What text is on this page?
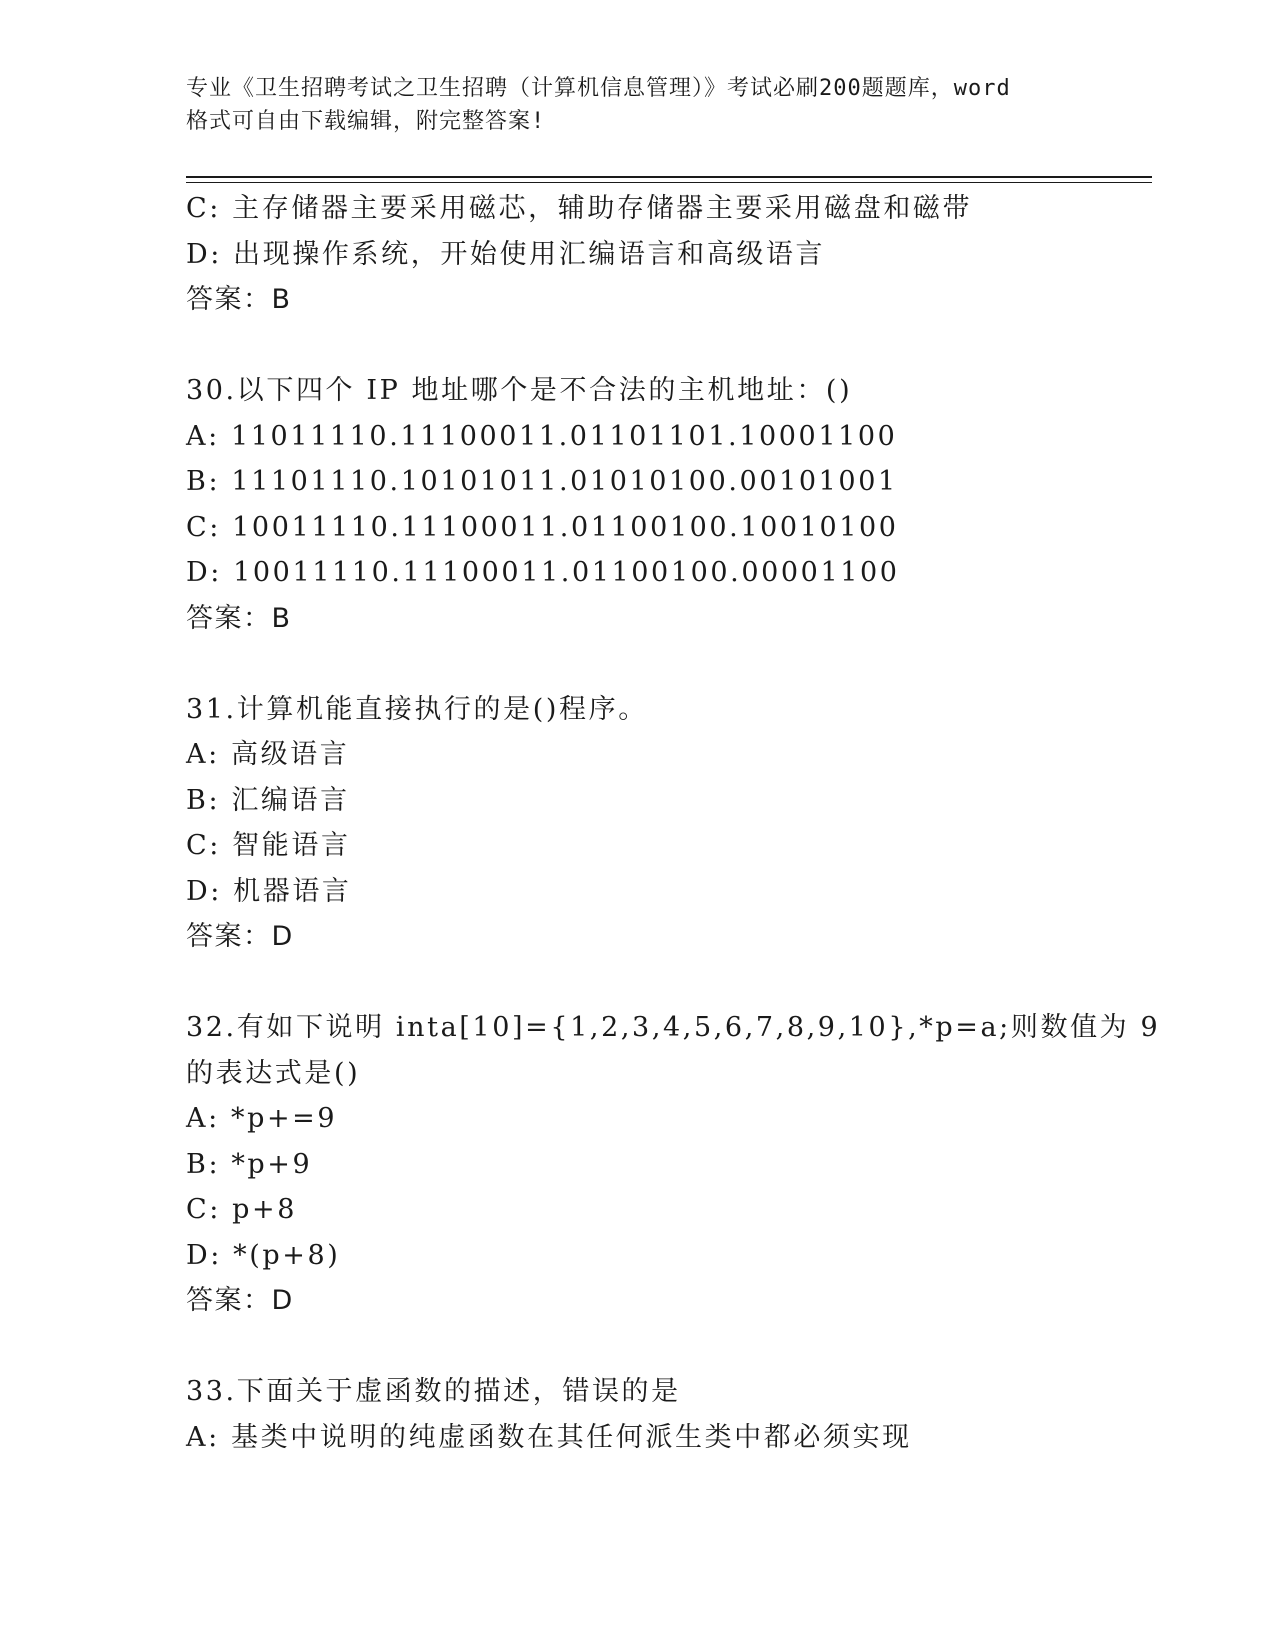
专业《卫生招聘考试之卫生招聘（计算机信息管理）》考试必刷200题题库，word
格式可自由下载编辑，附完整答案!
C: 主存储器主要采用磁芯，辅助存储器主要采用磁盘和磁带
D: 出现操作系统，开始使用汇编语言和高级语言
答案：B
30.以下四个 IP 地址哪个是不合法的主机地址：()
A: 11011110.11100011.01101101.10001100
B: 11101110.10101011.01010100.00101001
C: 10011110.11100011.01100100.10010100
D: 10011110.11100011.01100100.00001100
答案：B
31.计算机能直接执行的是()程序。
A: 高级语言
B: 汇编语言
C: 智能语言
D: 机器语言
答案：D
32.有如下说明 inta[10]={1,2,3,4,5,6,7,8,9,10},*p=a;则数值为 9
的表达式是()
A: *p+=9
B: *p+9
C: p+8
D: *(p+8)
答案：D
33.下面关于虚函数的描述，错误的是
A: 基类中说明的纯虚函数在其任何派生类中都必须实现
